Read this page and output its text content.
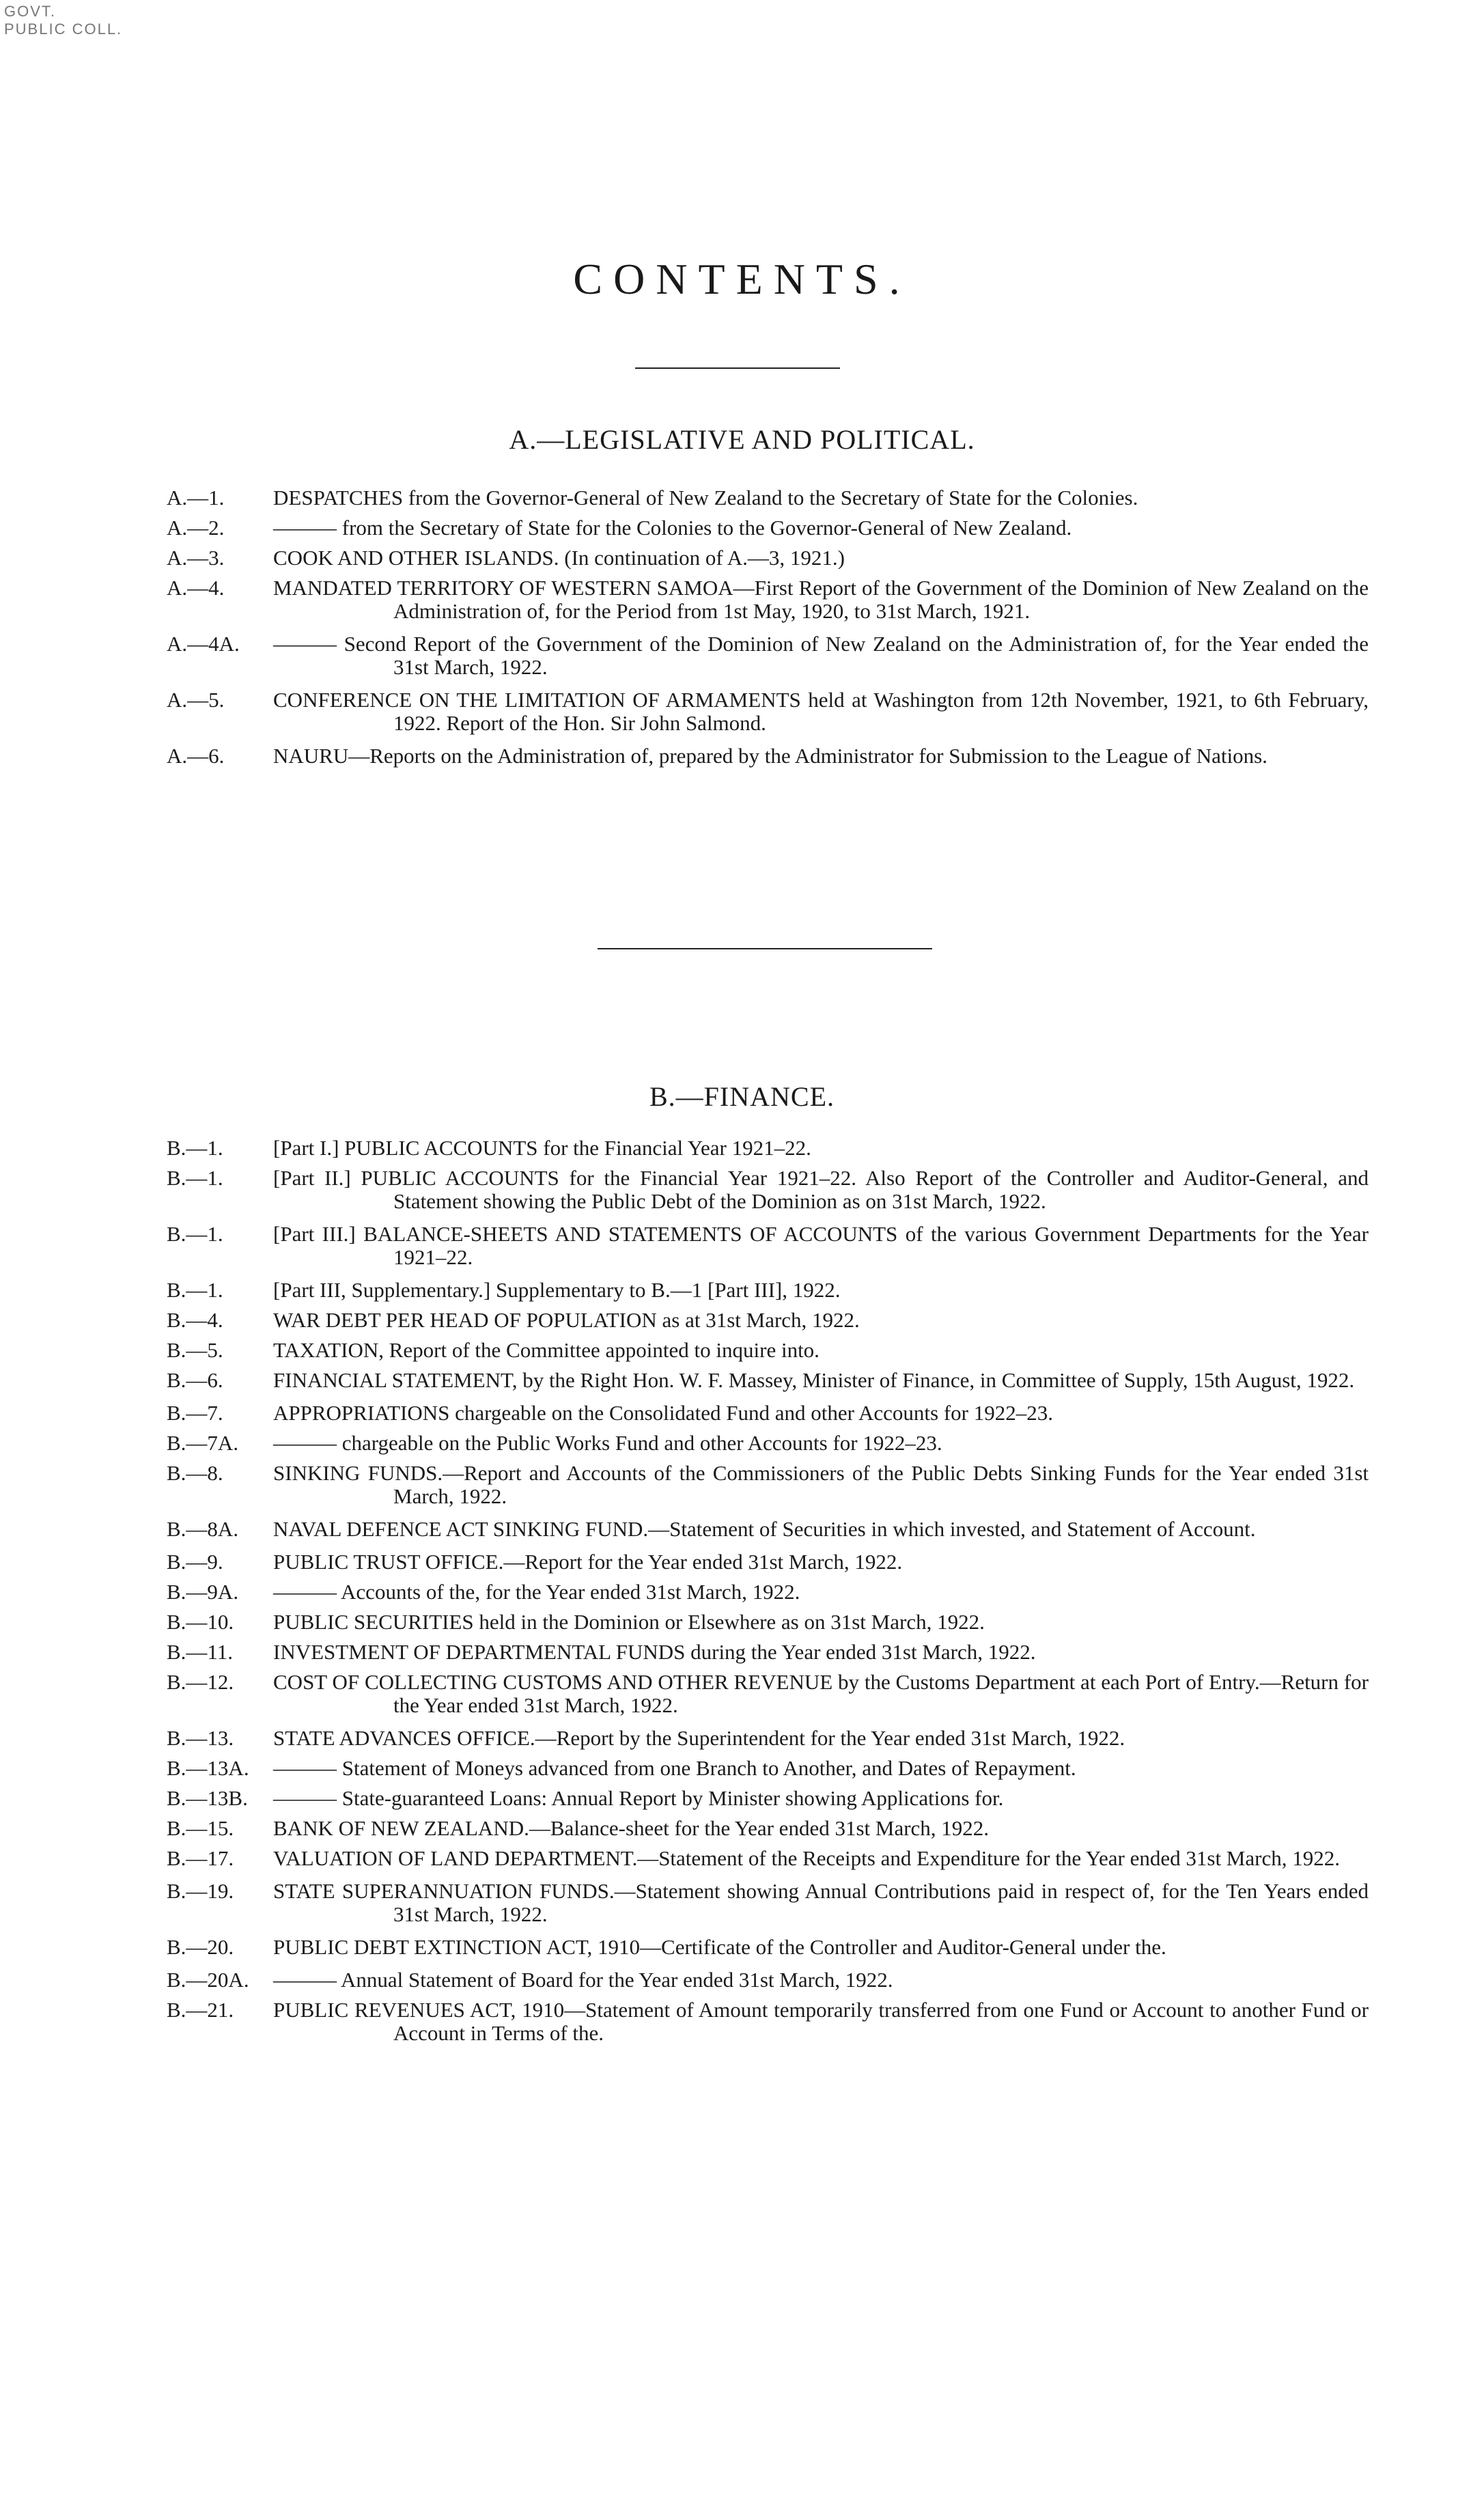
GOVT.
PUBLIC COLL.
CONTENTS.
A.—LEGISLATIVE AND POLITICAL.
A.—1.	DESPATCHES from the Governor-General of New Zealand to the Secretary of State for the Colonies.
A.—2.	——— from the Secretary of State for the Colonies to the Governor-General of New Zealand.
A.—3.	COOK AND OTHER ISLANDS. (In continuation of A.—3, 1921.)
A.—4.	MANDATED TERRITORY OF WESTERN SAMOA—First Report of the Government of the Dominion of New Zealand on the Administration of, for the Period from 1st May, 1920, to 31st March, 1921.
A.—4A.	——— Second Report of the Government of the Dominion of New Zealand on the Administration of, for the Year ended the 31st March, 1922.
A.—5.	CONFERENCE ON THE LIMITATION OF ARMAMENTS held at Washington from 12th November, 1921, to 6th February, 1922. Report of the Hon. Sir John Salmond.
A.—6.	NAURU—Reports on the Administration of, prepared by the Administrator for Submission to the League of Nations.
B.—FINANCE.
B.—1.	[Part I.] PUBLIC ACCOUNTS for the Financial Year 1921–22.
B.—1.	[Part II.] PUBLIC ACCOUNTS for the Financial Year 1921–22. Also Report of the Controller and Auditor-General, and Statement showing the Public Debt of the Dominion as on 31st March, 1922.
B.—1.	[Part III.] BALANCE-SHEETS AND STATEMENTS OF ACCOUNTS of the various Government Departments for the Year 1921–22.
B.—1.	[Part III, Supplementary.] Supplementary to B.—1 [Part III], 1922.
B.—4.	WAR DEBT PER HEAD OF POPULATION as at 31st March, 1922.
B.—5.	TAXATION, Report of the Committee appointed to inquire into.
B.—6.	FINANCIAL STATEMENT, by the Right Hon. W. F. Massey, Minister of Finance, in Committee of Supply, 15th August, 1922.
B.—7.	APPROPRIATIONS chargeable on the Consolidated Fund and other Accounts for 1922–23.
B.—7A.	——— chargeable on the Public Works Fund and other Accounts for 1922–23.
B.—8.	SINKING FUNDS.—Report and Accounts of the Commissioners of the Public Debts Sinking Funds for the Year ended 31st March, 1922.
B.—8A.	NAVAL DEFENCE ACT SINKING FUND.—Statement of Securities in which invested, and Statement of Account.
B.—9.	PUBLIC TRUST OFFICE.—Report for the Year ended 31st March, 1922.
B.—9A.	——— Accounts of the, for the Year ended 31st March, 1922.
B.—10.	PUBLIC SECURITIES held in the Dominion or Elsewhere as on 31st March, 1922.
B.—11.	INVESTMENT OF DEPARTMENTAL FUNDS during the Year ended 31st March, 1922.
B.—12.	COST OF COLLECTING CUSTOMS AND OTHER REVENUE by the Customs Department at each Port of Entry.—Return for the Year ended 31st March, 1922.
B.—13.	STATE ADVANCES OFFICE.—Report by the Superintendent for the Year ended 31st March, 1922.
B.—13A.	——— Statement of Moneys advanced from one Branch to Another, and Dates of Repayment.
B.—13B.	——— State-guaranteed Loans: Annual Report by Minister showing Applications for.
B.—15.	BANK OF NEW ZEALAND.—Balance-sheet for the Year ended 31st March, 1922.
B.—17.	VALUATION OF LAND DEPARTMENT.—Statement of the Receipts and Expenditure for the Year ended 31st March, 1922.
B.—19.	STATE SUPERANNUATION FUNDS.—Statement showing Annual Contributions paid in respect of, for the Ten Years ended 31st March, 1922.
B.—20.	PUBLIC DEBT EXTINCTION ACT, 1910—Certificate of the Controller and Auditor-General under the.
B.—20A.	——— Annual Statement of Board for the Year ended 31st March, 1922.
B.—21.	PUBLIC REVENUES ACT, 1910—Statement of Amount temporarily transferred from one Fund or Account to another Fund or Account in Terms of the.
